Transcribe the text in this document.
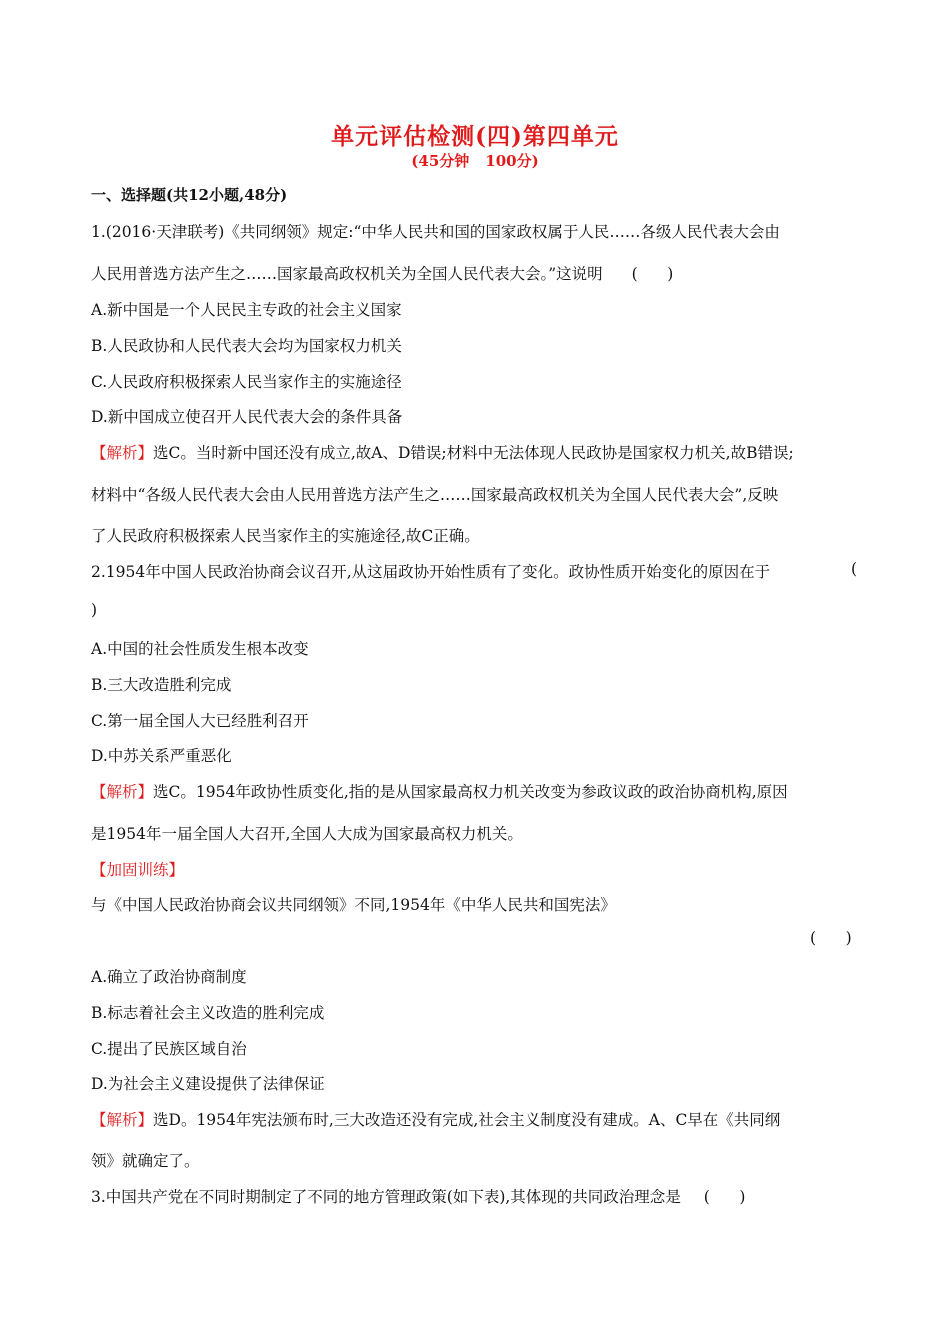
单元评估检测(四)第四单元
(45分钟 100分)
一、选择题(共12小题,48分)
1.(2016·天津联考)《共同纲领》规定:“中华人民共和国的国家政权属于人民……各级人民代表大会由
人民用普选方法产生之……国家最高政权机关为全国人民代表大会。”这说明 (      )
A.新中国是一个人民民主专政的社会主义国家
B.人民政协和人民代表大会均为国家权力机关
C.人民政府积极探索人民当家作主的实施途径
D.新中国成立使召开人民代表大会的条件具备
【解析】选C。当时新中国还没有成立,故A、D错误;材料中无法体现人民政协是国家权力机关,故B错误;
材料中“各级人民代表大会由人民用普选方法产生之……国家最高政权机关为全国人民代表大会”,反映
了人民政府积极探索人民当家作主的实施途径,故C正确。
2.1954年中国人民政治协商会议召开,从这届政协开始性质有了变化。政协性质开始变化的原因在于	(
)
A.中国的社会性质发生根本改变
B.三大改造胜利完成
C.第一届全国人大已经胜利召开
D.中苏关系严重恶化
【解析】选C。1954年政协性质变化,指的是从国家最高权力机关改变为参政议政的政治协商机构,原因
是1954年一届全国人大召开,全国人大成为国家最高权力机关。
【加固训练】
与《中国人民政治协商会议共同纲领》不同,1954年《中华人民共和国宪法》
(      )
A.确立了政治协商制度
B.标志着社会主义改造的胜利完成
C.提出了民族区域自治
D.为社会主义建设提供了法律保证
【解析】选D。1954年宪法颁布时,三大改造还没有完成,社会主义制度没有建成。A、C早在《共同纲
领》就确定了。
3.中国共产党在不同时期制定了不同的地方管理政策(如下表),其体现的共同政治理念是 (      )
